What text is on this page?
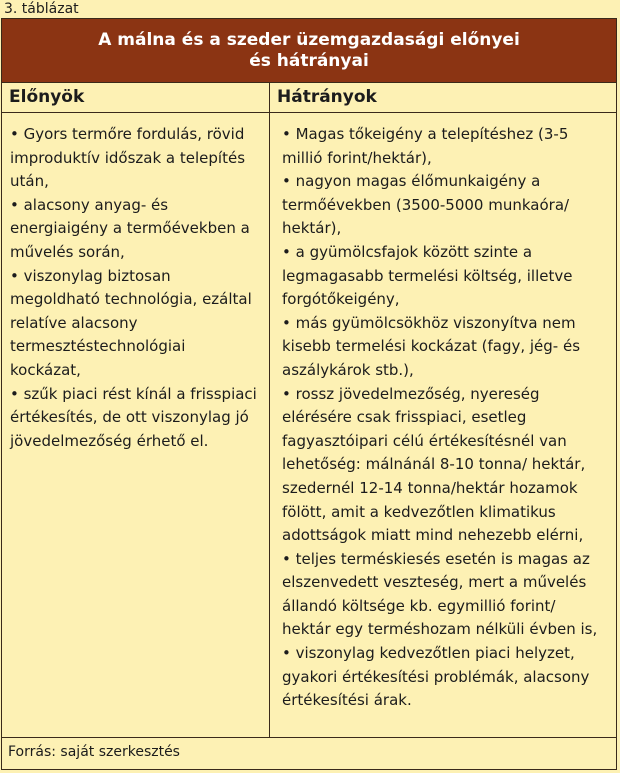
3. táblázat
A málna és a szeder üzemgazdasági előnyei
és hátrányai
Előnyök	Hátrányok

• Gyors termőre fordulás, rövid improduktív időszak a telepítés után,

• alacsony anyag- és energiaigény a termőévekben a művelés során,

• viszonylag biztosan megoldható technológia, ezáltal relatíve alacsony termesztéstechnológiai kockázat,

• szűk piaci rést kínál a frisspiaci értékesítés, de ott viszonylag jó jövedelmezőség érhető el.

• Magas tőkeigény a telepítéshez (3-5 millió forint/hektár),

• nagyon magas élőmunkaigény a termőévekben (3500-5000 munkaóra/ hektár),

• a gyümölcsfajok között szinte a legmagasabb termelési költség, illetve forgótőkeigény,

• más gyümölcsökhöz viszonyítva nem kisebb termelési kockázat (fagy, jég- és aszálykárok stb.),

• rossz jövedelmezőség, nyereség elérésére csak frisspiaci, esetleg fagyasztóipari célú értékesítésnél van lehetőség: málnánál 8-10 tonna/ hektár, szedernél 12-14 tonna/hektár hozamok fölött, amit a kedvezőtlen klimatikus adottságok miatt mind nehezebb elérni,

• teljes terméskiesés esetén is magas az elszenvedett veszteség, mert a művelés állandó költsége kb. egymillió forint/ hektár egy terméshozam nélküli évben is,

• viszonylag kedvezőtlen piaci helyzet, gyakori értékesítési problémák, alacsony értékesítési árak.

Forrás: saját szerkesztés
